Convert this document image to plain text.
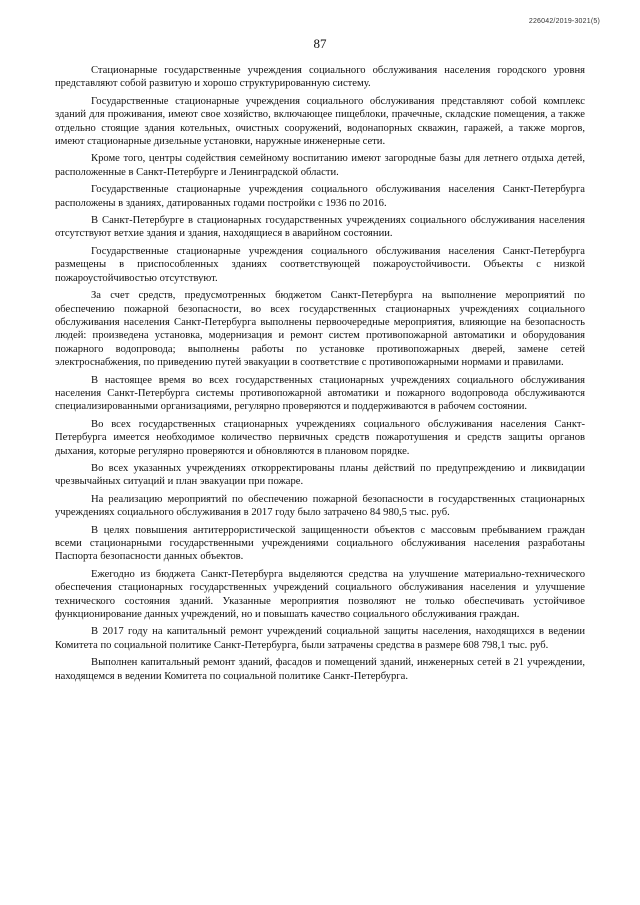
226042/2019-3021(5)
87

Стационарные государственные учреждения социального обслуживания населения городского уровня представляют собой развитую и хорошо структурированную систему.

Государственные стационарные учреждения социального обслуживания представляют собой комплекс зданий для проживания, имеют свое хозяйство, включающее пищеблоки, прачечные, складские помещения, а также отдельно стоящие здания котельных, очистных сооружений, водонапорных скважин, гаражей, а также моргов, имеют стационарные дизельные установки, наружные инженерные сети.

Кроме того, центры содействия семейному воспитанию имеют загородные базы для летнего отдыха детей, расположенные в Санкт-Петербурге и Ленинградской области.

Государственные стационарные учреждения социального обслуживания населения Санкт-Петербурга расположены в зданиях, датированных годами постройки с 1936 по 2016.

В Санкт-Петербурге в стационарных государственных учреждениях социального обслуживания населения отсутствуют ветхие здания и здания, находящиеся в аварийном состоянии.

Государственные стационарные учреждения социального обслуживания населения Санкт-Петербурга размещены в приспособленных зданиях соответствующей пожароустойчивости. Объекты с низкой пожароустойчивостью отсутствуют.

За счет средств, предусмотренных бюджетом Санкт-Петербурга на выполнение мероприятий по обеспечению пожарной безопасности, во всех государственных стационарных учреждениях социального обслуживания населения Санкт-Петербурга выполнены первоочередные мероприятия, влияющие на безопасность людей: произведена установка, модернизация и ремонт систем противопожарной автоматики и оборудования пожарного водопровода; выполнены работы по установке противопожарных дверей, замене сетей электроснабжения, по приведению путей эвакуации в соответствие с противопожарными нормами и правилами.

В настоящее время во всех государственных стационарных учреждениях социального обслуживания населения Санкт-Петербурга системы противопожарной автоматики и пожарного водопровода обслуживаются специализированными организациями, регулярно проверяются и поддерживаются в рабочем состоянии.

Во всех государственных стационарных учреждениях социального обслуживания населения Санкт-Петербурга имеется необходимое количество первичных средств пожаротушения и средств защиты органов дыхания, которые регулярно проверяются и обновляются в плановом порядке.

Во всех указанных учреждениях откорректированы планы действий по предупреждению и ликвидации чрезвычайных ситуаций и план эвакуации при пожаре.

На реализацию мероприятий по обеспечению пожарной безопасности в государственных стационарных учреждениях социального обслуживания в 2017 году было затрачено 84 980,5 тыс. руб.

В целях повышения антитеррористической защищенности объектов с массовым пребыванием граждан всеми стационарными государственными учреждениями социального обслуживания населения разработаны Паспорта безопасности данных объектов.

Ежегодно из бюджета Санкт-Петербурга выделяются средства на улучшение материально-технического обеспечения стационарных государственных учреждений социального обслуживания населения и улучшение технического состояния зданий. Указанные мероприятия позволяют не только обеспечивать устойчивое функционирование данных учреждений, но и повышать качество социального обслуживания граждан.

В 2017 году на капитальный ремонт учреждений социальной защиты населения, находящихся в ведении Комитета по социальной политике Санкт-Петербурга, были затрачены средства в размере 608 798,1 тыс. руб.

Выполнен капитальный ремонт зданий, фасадов и помещений зданий, инженерных сетей в 21 учреждении, находящемся в ведении Комитета по социальной политике Санкт-Петербурга.
